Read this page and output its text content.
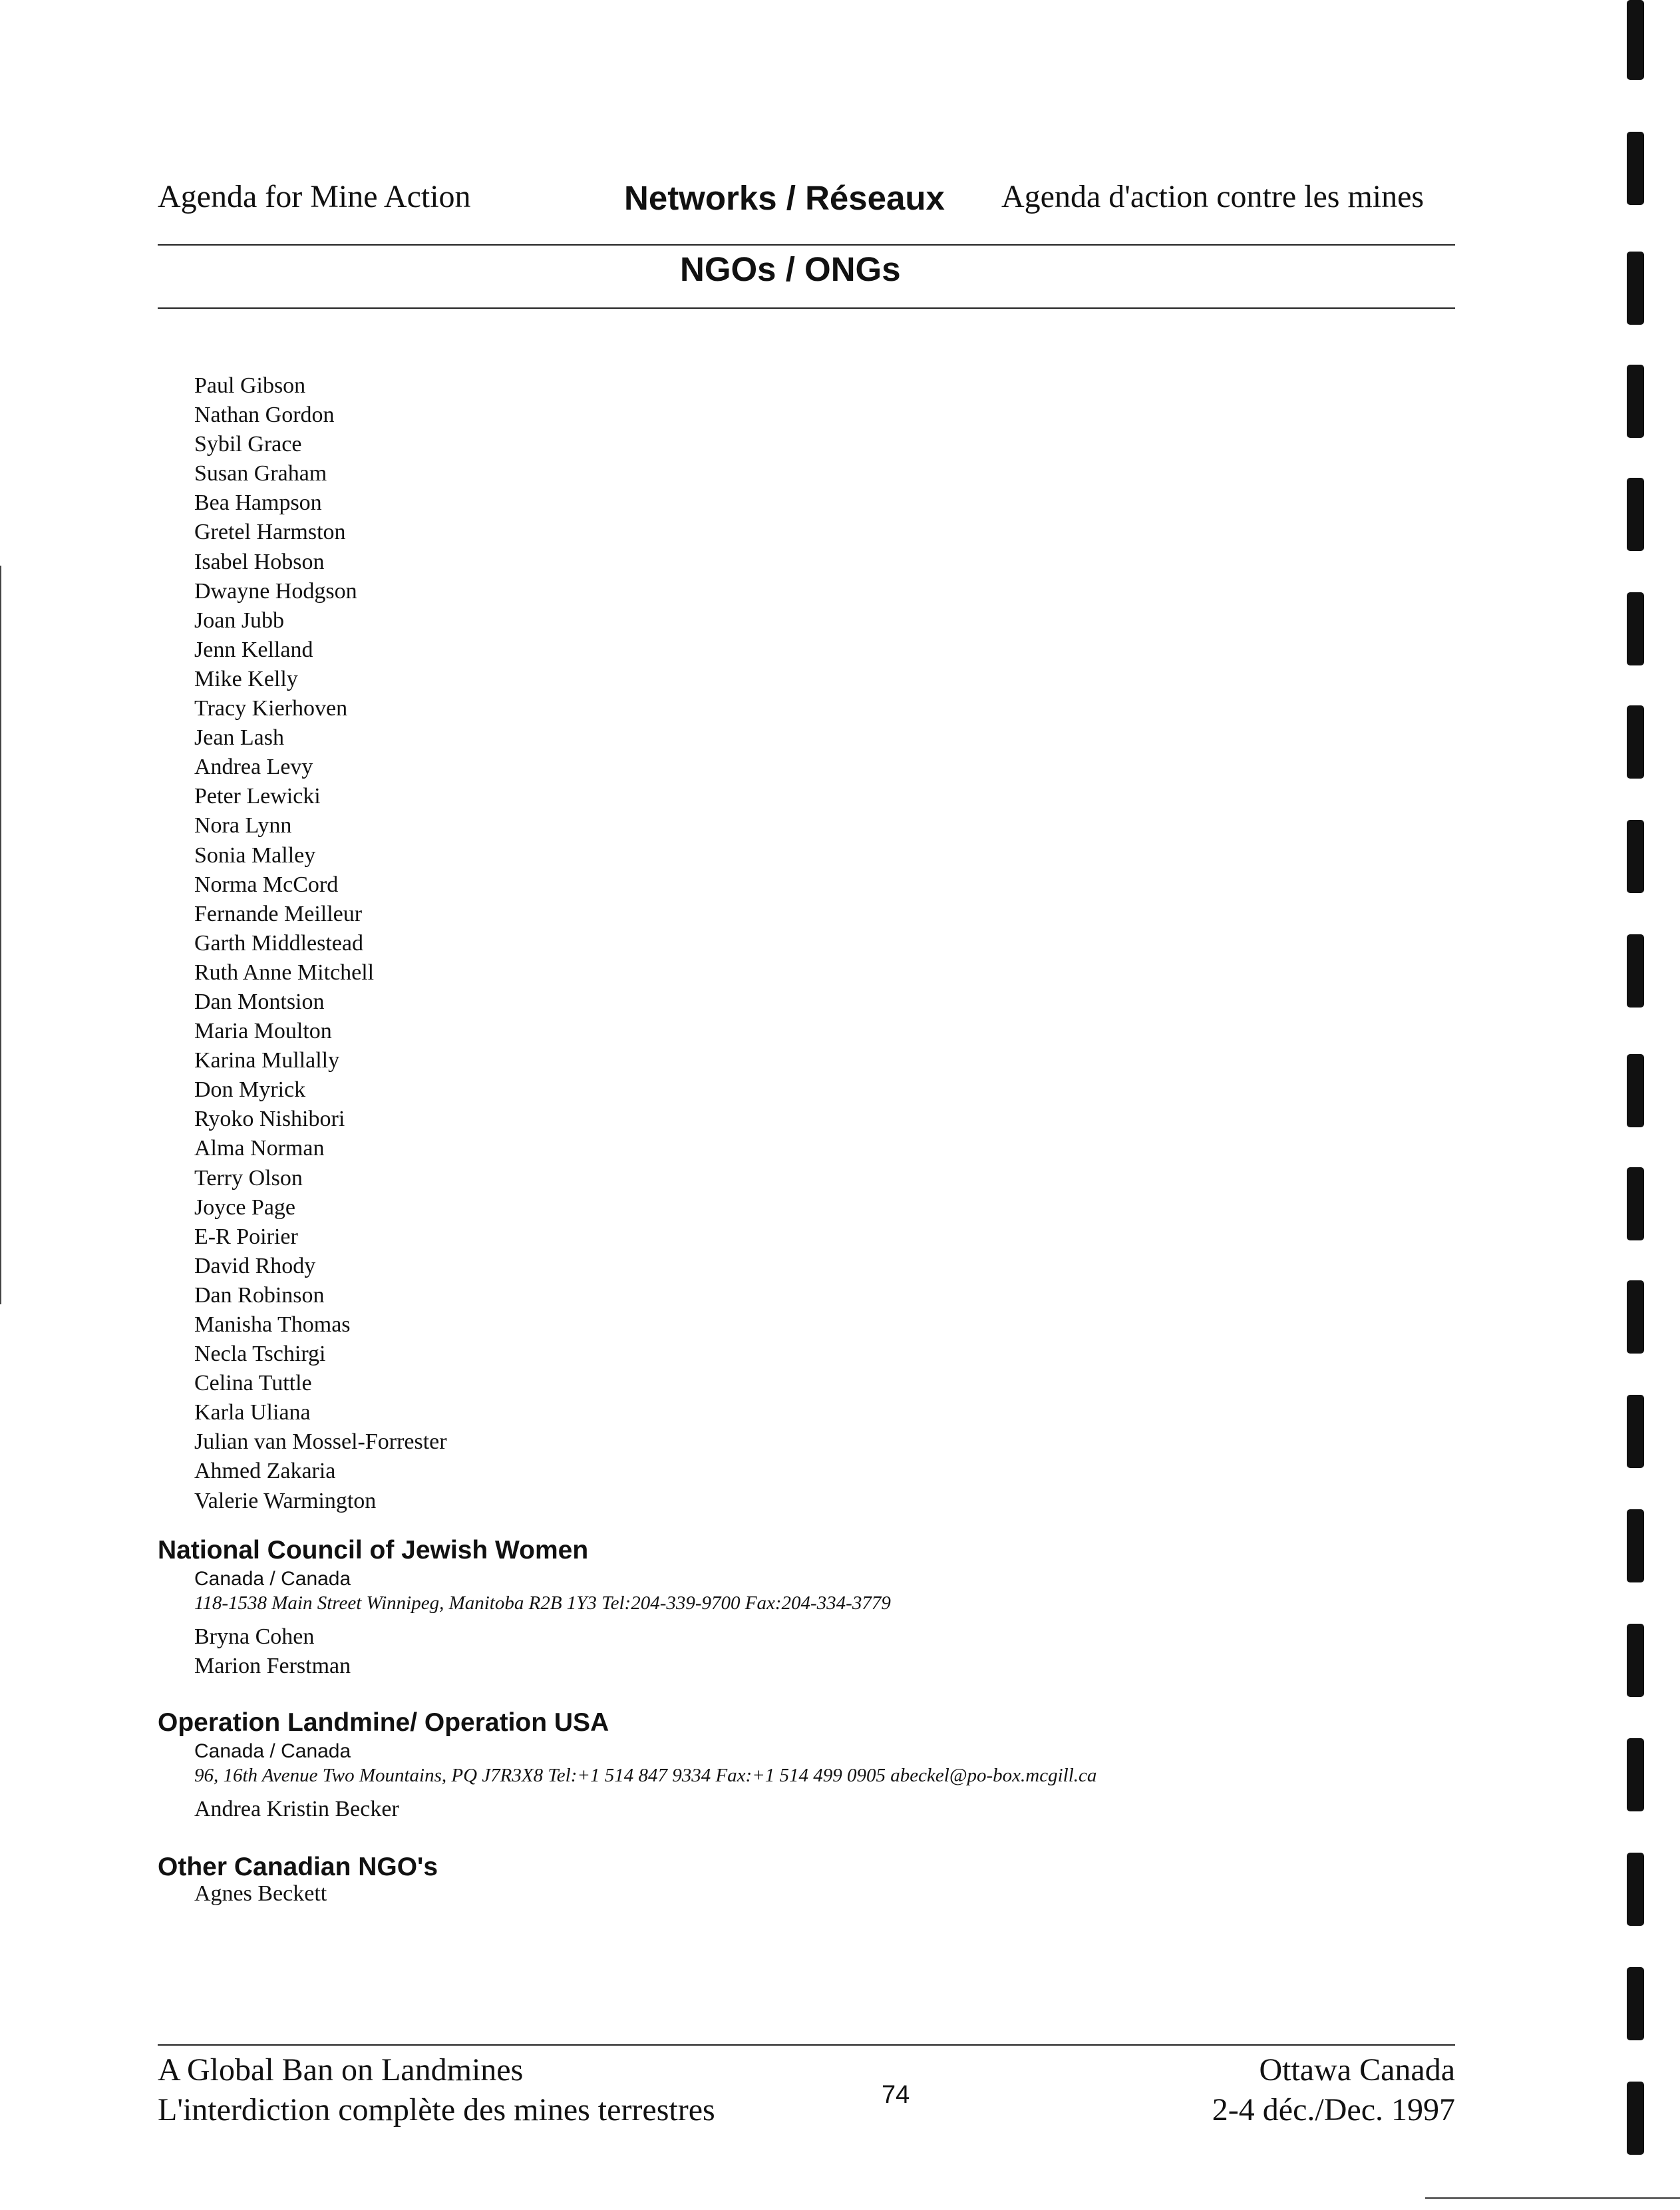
Agenda for Mine Action	Networks / Réseaux Agenda d'action contre les mines
NGOs / ONGs
Paul Gibson
Nathan Gordon
Sybil Grace
Susan Graham
Bea Hampson
Gretel Harmston
Isabel Hobson
Dwayne Hodgson
Joan Jubb
Jenn Kelland
Mike Kelly
Tracy Kierhoven
Jean Lash
Andrea Levy
Peter Lewicki
Nora Lynn
Sonia Malley
Norma McCord
Fernande Meilleur
Garth Middlestead
Ruth Anne Mitchell
Dan Montsion
Maria Moulton
Karina Mullally
Don Myrick
Ryoko Nishibori
Alma Norman
Terry Olson
Joyce Page
E-R Poirier
David Rhody
Dan Robinson
Manisha Thomas
Necla Tschirgi
Celina Tuttle
Karla Uliana
Julian van Mossel-Forrester
Ahmed Zakaria
Valerie Warmington
National Council of Jewish Women
Canada / Canada
118-1538 Main Street Winnipeg, Manitoba R2B 1Y3 Tel:204-339-9700 Fax:204-334-3779
Bryna Cohen
Marion Ferstman
Operation Landmine/ Operation USA
Canada / Canada
96, 16th Avenue Two Mountains, PQ J7R3X8 Tel:+1 514 847 9334 Fax:+1 514 499 0905 abeckel@po-box.mcgill.ca
Andrea Kristin Becker
Other Canadian NGO's
Agnes Beckett
A Global Ban on Landmines
L'interdiction complète des mines terrestres	74
Ottawa Canada
2-4 déc./Dec. 1997
